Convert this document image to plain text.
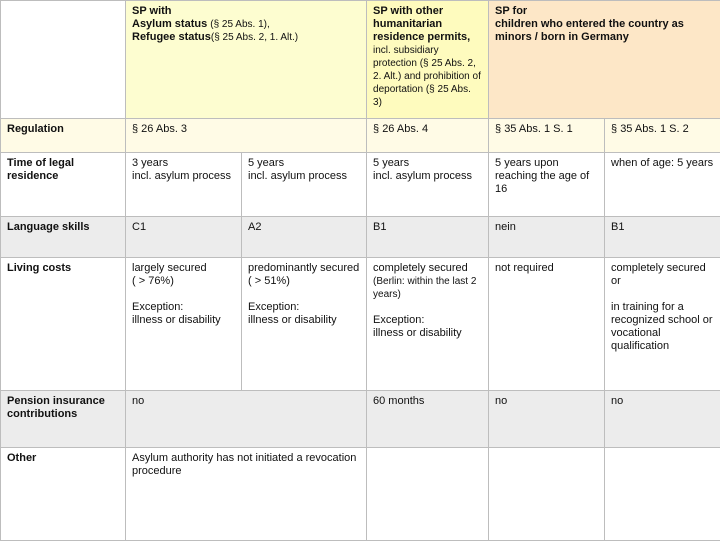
	SP with
Asylum status (§ 25 Abs. 1),
Refugee status(§ 25 Abs. 2, 1. Alt.)		SP with other humanitarian residence permits,
incl. subsidiary protection (§ 25 Abs. 2, 2. Alt.) and prohibition of deportation (§ 25 Abs. 3)	SP for
children who entered the country as minors / born in Germany	
Regulation	§ 26 Abs. 3		§ 26 Abs. 4	§ 35 Abs. 1 S. 1	§ 35 Abs. 1 S. 2
Time of legal residence	3 years
incl. asylum process	5 years
incl. asylum process	5 years
incl. asylum process	5 years upon reaching the age of 16	when of age: 5 years
Language skills	C1	A2	B1	nein	B1
Living costs	largely secured
( > 76%)

Exception:
illness or disability	predominantly secured
( > 51%)

Exception:
illness or disability	completely secured
(Berlin: within the last 2 years)

Exception:
illness or disability	not required	completely secured or

in training for a recognized school or vocational qualification
Pension insurance contributions	no		60 months	no	no
Other	Asylum authority has not initiated a revocation procedure				
